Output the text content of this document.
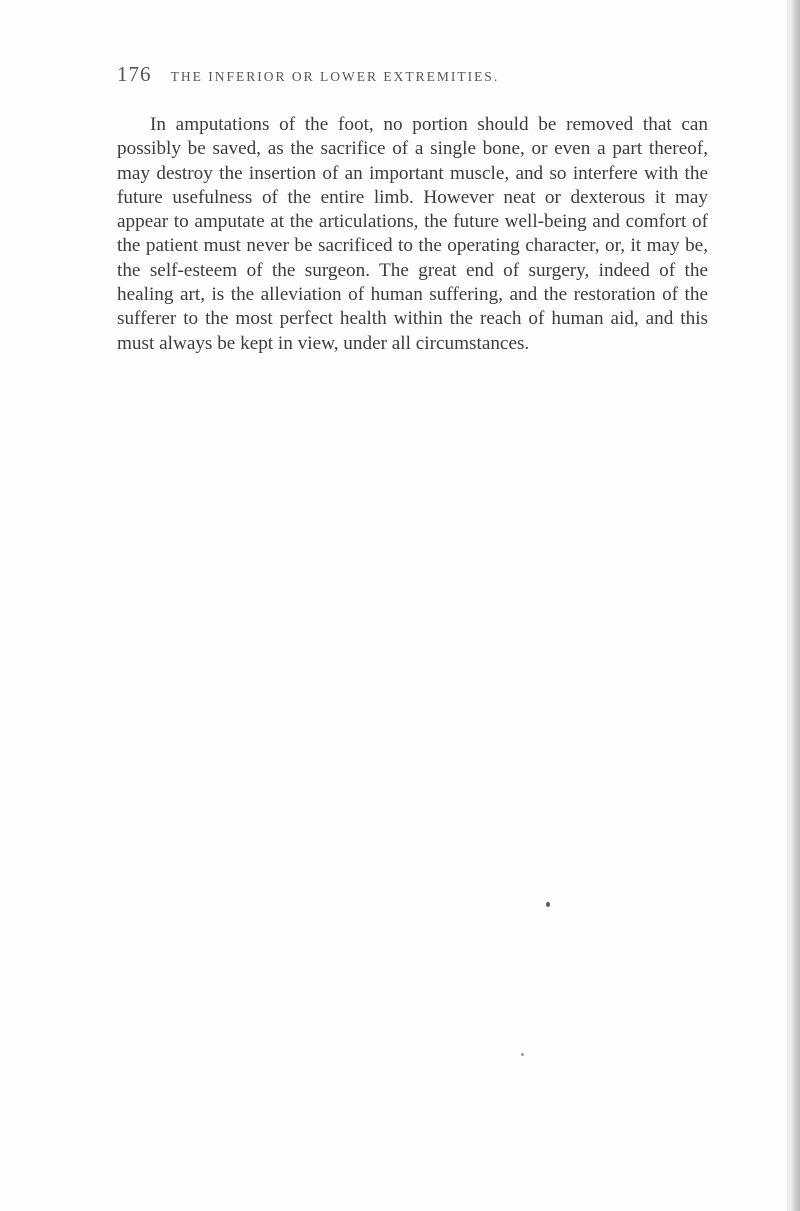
176 THE INFERIOR OR LOWER EXTREMITIES.

In amputations of the foot, no portion should be removed that can possibly be saved, as the sacrifice of a single bone, or even a part thereof, may destroy the insertion of an important muscle, and so interfere with the future usefulness of the entire limb. However neat or dexterous it may appear to amputate at the articulations, the future well-being and comfort of the patient must never be sacrificed to the operating character, or, it may be, the self-esteem of the surgeon. The great end of surgery, indeed of the healing art, is the alleviation of human suffering, and the restoration of the sufferer to the most perfect health within the reach of human aid, and this must always be kept in view, under all circumstances.
